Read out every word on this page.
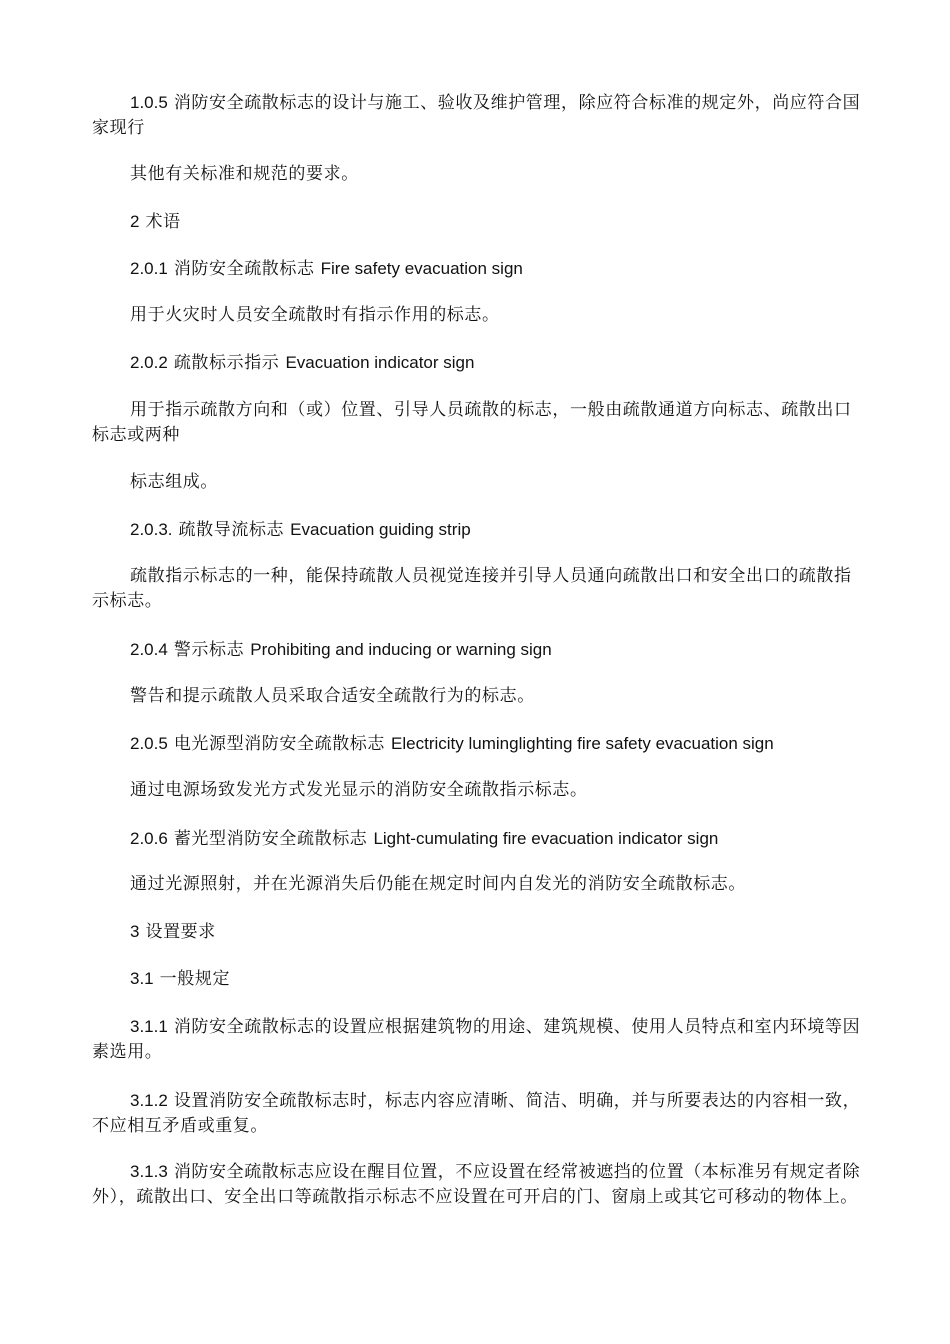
1.0.5 消防安全疏散标志的设计与施工、验收及维护管理，除应符合标准的规定外，尚应符合国家现行

其他有关标准和规范的要求。

2 术语

2.0.1 消防安全疏散标志 Fire safety evacuation sign

用于火灾时人员安全疏散时有指示作用的标志。

2.0.2 疏散标示指示 Evacuation indicator sign

用于指示疏散方向和（或）位置、引导人员疏散的标志，一般由疏散通道方向标志、疏散出口标志或两种

标志组成。

2.0.3. 疏散导流标志 Evacuation guiding strip

疏散指示标志的一种，能保持疏散人员视觉连接并引导人员通向疏散出口和安全出口的疏散指示标志。

2.0.4 警示标志 Prohibiting and inducing or warning sign

警告和提示疏散人员采取合适安全疏散行为的标志。

2.0.5 电光源型消防安全疏散标志 Electricity luminglighting fire safety evacuation sign

通过电源场致发光方式发光显示的消防安全疏散指示标志。

2.0.6 蓄光型消防安全疏散标志 Light-cumulating fire evacuation indicator sign

通过光源照射，并在光源消失后仍能在规定时间内自发光的消防安全疏散标志。

3 设置要求

3.1 一般规定

3.1.1 消防安全疏散标志的设置应根据建筑物的用途、建筑规模、使用人员特点和室内环境等因素选用。

3.1.2 设置消防安全疏散标志时，标志内容应清晰、简洁、明确，并与所要表达的内容相一致，不应相互矛盾或重复。

3.1.3 消防安全疏散标志应设在醒目位置，不应设置在经常被遮挡的位置（本标准另有规定者除外），疏散出口、安全出口等疏散指示标志不应设置在可开启的门、窗扇上或其它可移动的物体上。
